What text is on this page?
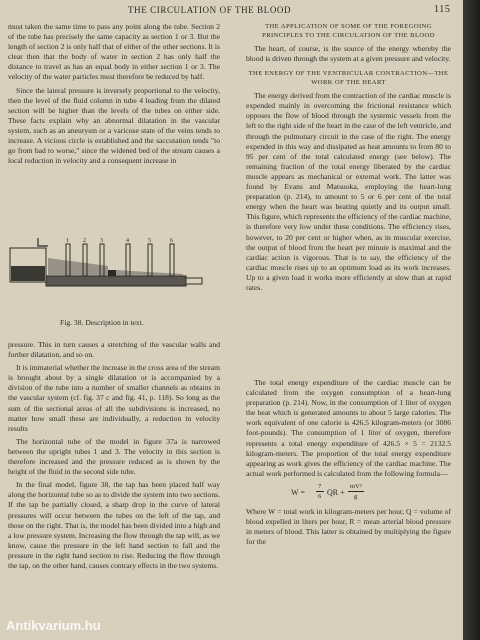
THE CIRCULATION OF THE BLOOD	115

must taken the same time to pass any point along the tube. Section 2 of the tube has precisely the same capacity as section 1 or 3. But the length of section 2 is only half that of either of the other sections. It is clear then that the body of water in section 2 has only half the distance to travel as has an equal body in either section 1 or 3. The velocity of the water particles must therefore be reduced by half.

Since the lateral pressure is inversely proportional to the velocity, then the level of the fluid column in tube 4 leading from the dilated section will be higher than the levels of the tubes on either side. These facts explain why an abnormal dilatation in the vascular system, such as an aneurysm or a varicose state of the veins tends to increase. A vicious circle is established and the saccutation tends "to go from bad to worse," since the widened bed of the stream causes a local reduction in velocity and a consequent increase in

1 2 3	4	5	6
Fig. 38. Description in text.

pressure. This in turn causes a stretching of the vascular walls and further dilatation, and so on.

It is immaterial whether the increase in the cross area of the stream is brought about by a single dilatation or is accompanied by a division of the tube into a number of smaller channels as obtains in the vascular system (cf. fig. 37 c and fig. 41, p. 118). So long as the sum of the sectional areas of all the subdivisions is increased, no matter how small these are individually, a reduction in velocity results

The horizontal tube of the model in figure 37a is narrowed between the upright tubes 1 and 3. The velocity in this section is therefore increased and the pressure reduced as is shown by the height of the fluid in the second side tube.

In the final model, figure 38, the tap has been placed half way along the horizontal tube so as to divide the system into two sections. If the tap be partially closed, a sharp drop in the curve of lateral pressures will occur between the tubes on the left of the tap, and those on the right. That is, the model has been divided into a high and a low pressure system. Increasing the flow through the tap will, as we know, cause the pressure in the left hand section to fall and the pressure in the right hand section to rise. Reducing the flow through the tap, on the other hand, causes contrary effects in the two systems.

THE APPLICATION OF SOME OF THE FOREGOING PRINCIPLES TO THE CIRCULATION OF THE BLOOD

The heart, of course, is the source of the energy whereby the blood is driven through the system at a given pressure and velocity.

THE ENERGY OF THE VENTRICULAR CONTRACTION—THE WORK OF THE HEART

The energy derived from the contraction of the cardiac muscle is expended mainly in overcoming the frictional resistance which opposes the flow of blood through the systemic vessels from the left to the right side of the heart in the case of the left ventricle, and through the pulmonary circuit in the case of the right. The energy expended in this way and dissipated as heat amounts to from 80 to 95 per cent of the total calculated energy (see below). The remaining fraction of the total energy liberated by the cardiac muscle appears as mechanical or external work. The latter was found by Evans and Matsuoka, employing the heart-lung preparation (p. 214), to amount to 5 or 6 per cent of the total energy when the heart was beating quietly and its output small. This figure, which represents the efficiency of the cardiac machine, is therefore very low under these conditions. The efficiency rises, however, to 20 per cent or higher when, as in muscular exercise, the output of blood from the heart per minute is maximal and the cardiac action is vigorous. That is to say, the efficiency of the cardiac muscle rises up to an optimum load as its work increases. Up to a given load it works more efficiently at slow than at rapid rates.

The total energy expenditure of the cardiac muscle can be calculated from the oxygen consumption of a heart-lung preparation (p. 214). Now, in the consumption of 1 liter of oxygen the heat which is generated amounts to about 5 large calories. The work equivalent of one calorie is 426.5 kilogram-meters (or 3086 foot-pounds). The consumption of 1 liter of oxygen, therefore represents a total energy expenditure of 426.5 × 5 = 2132.5 kilogram-meters. The proportion of the total energy expenditure appearing as work gives the efficiency of the cardiac machine. The actual work performed is calculated from the following formula—

W =
7
6 QR +
mV²
g

Where W = total work in kilogram-meters per hour, Q = volume of blood expelled in liters per hour, R = mean arterial blood pressure in meters of blood. This latter is obtained by multiplying the figure for the

Antikvarium.hu
